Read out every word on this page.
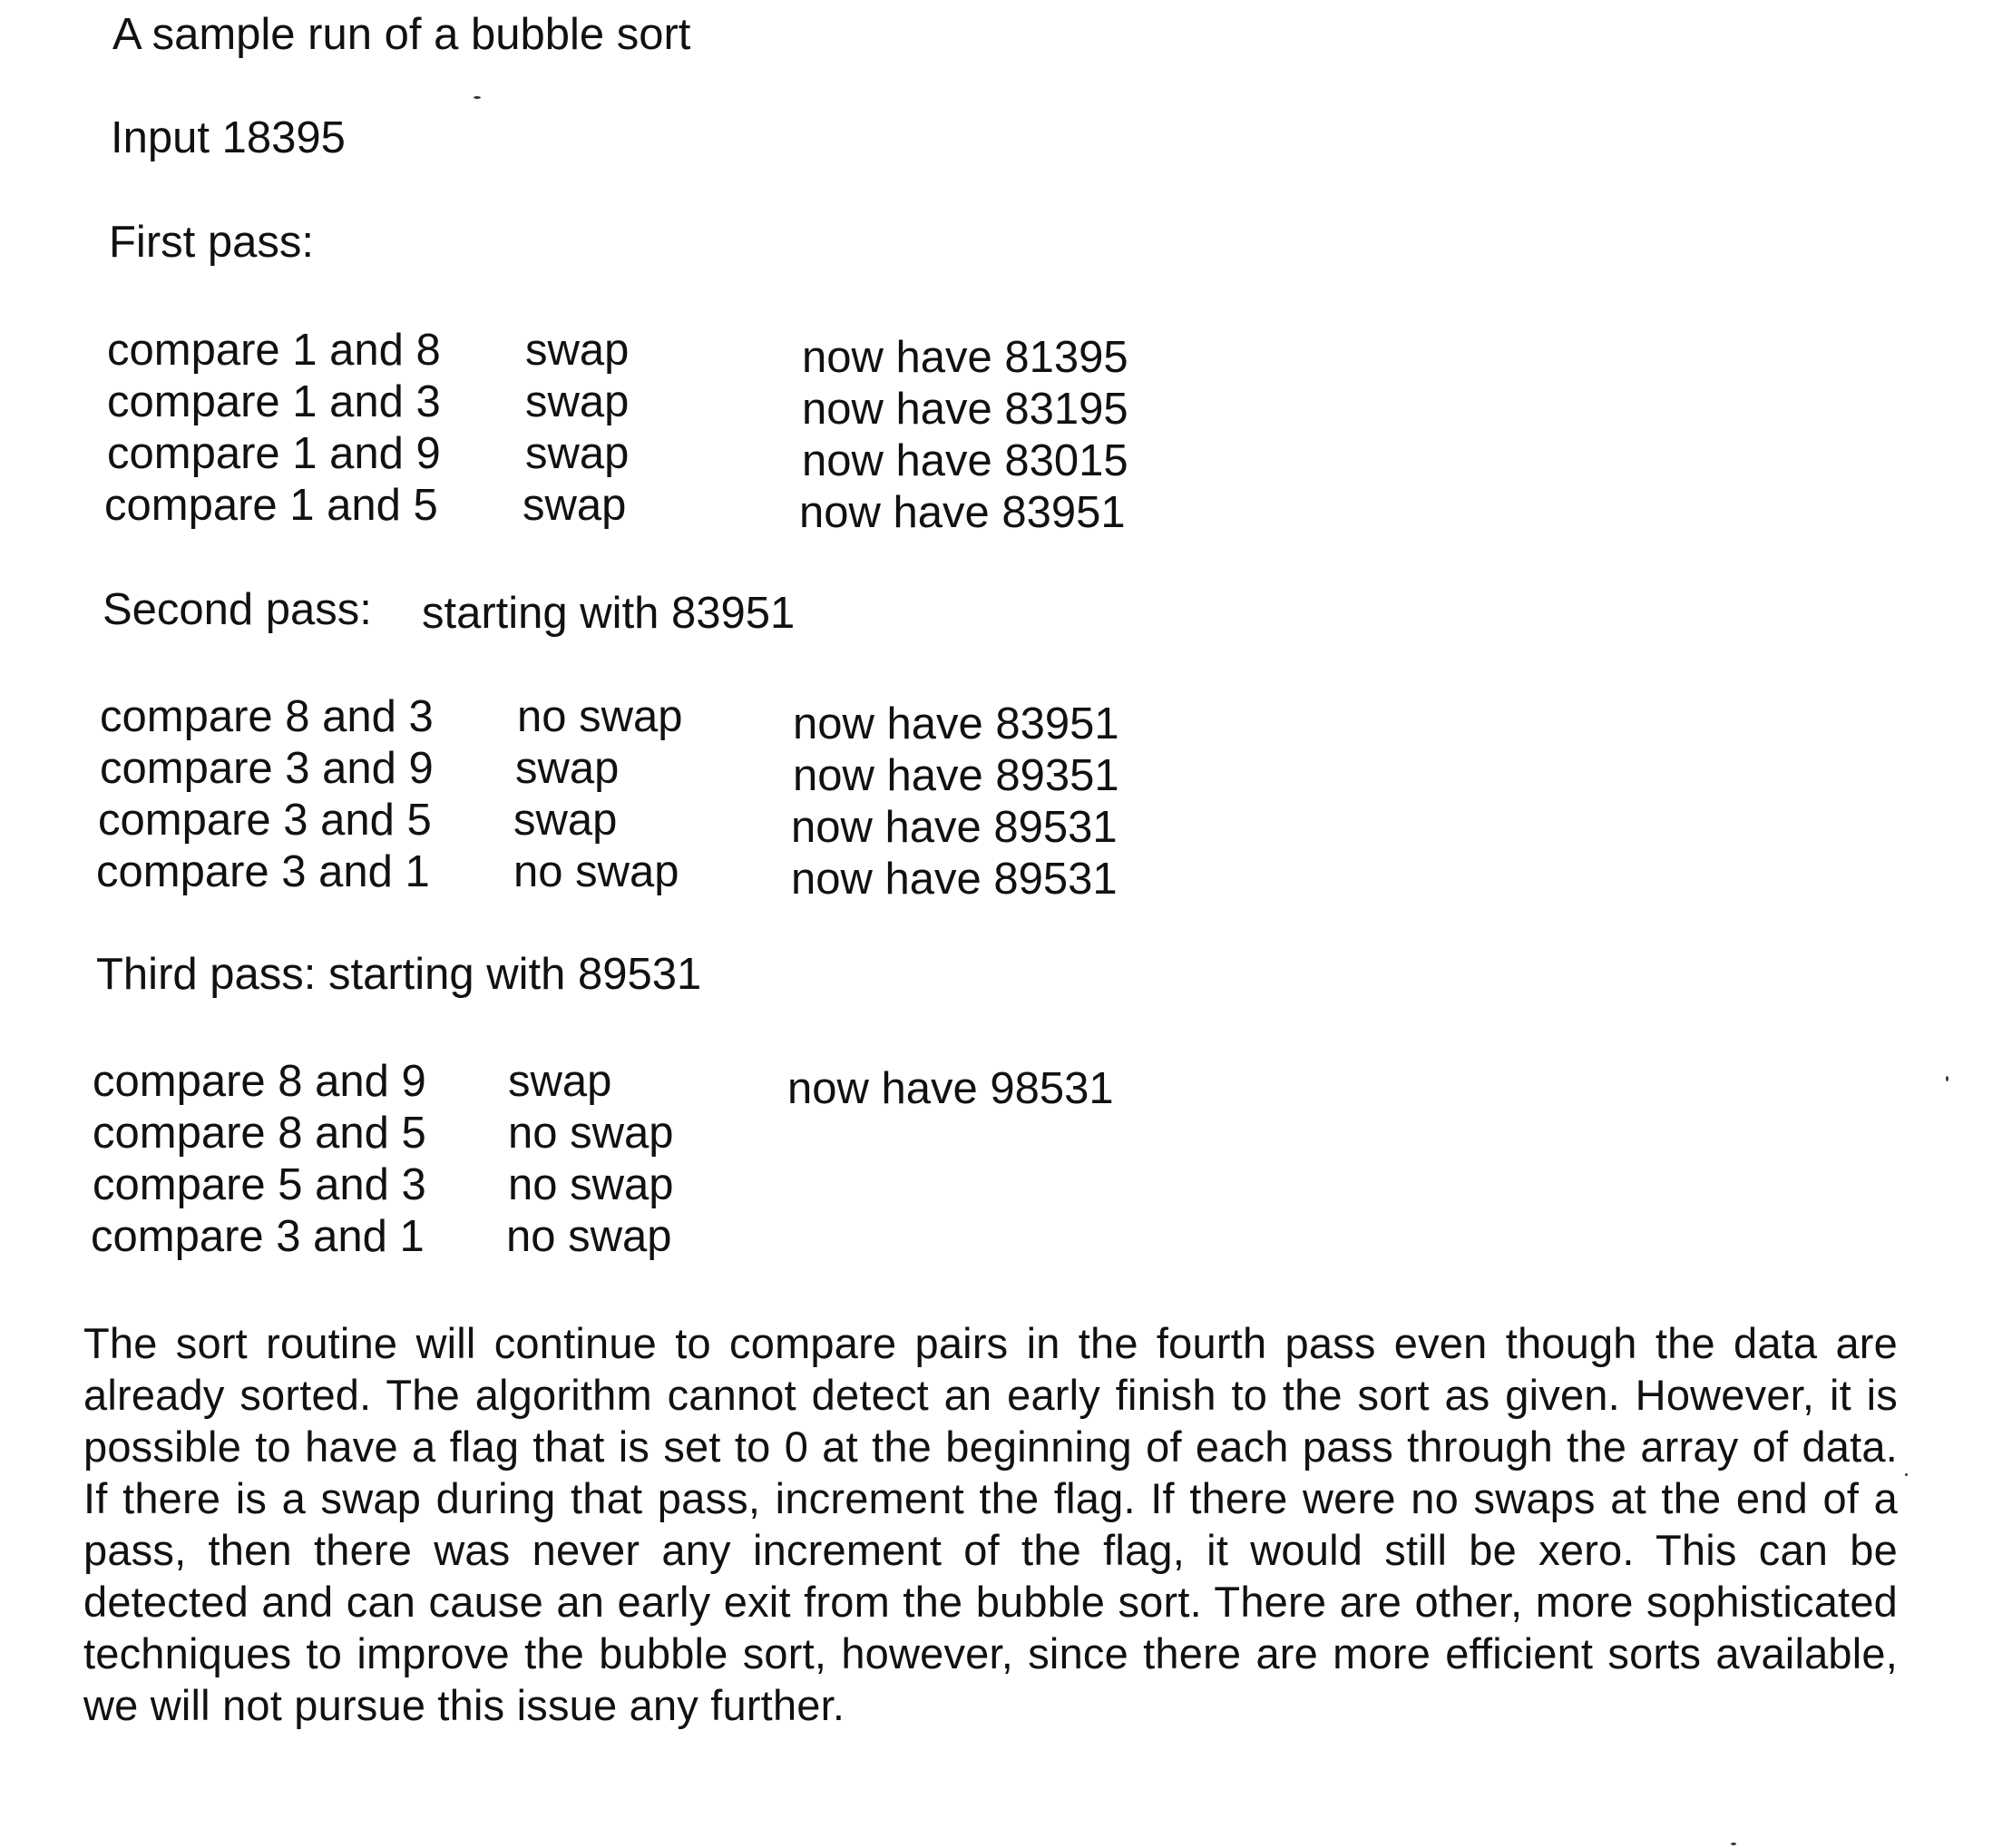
A sample run of a bubble sort
Input 18395
First pass:
compare 1 and 8 swap	now have 81395
compare 1 and 3 swap	now have 83195
compare 1 and 9 swap	now have 83015
compare 1 and 5 swap	now have 83951
Second pass: starting with 83951
compare 8 and 3 no swap now have 83951
compare 3 and 9 swap	now have 89351
compare 3 and 5 swap	now have 89531
compare 3 and 1 no swap	now have 89531
Third pass: starting with 89531
compare 8 and 9 swap	now have 98531
compare 8 and 5 no swap
compare 5 and 3 no swap
compare 3 and 1 no swap

The sort routine will continue to compare pairs in the fourth pass even though the data are already sorted. The algorithm cannot detect an early finish to the sort as given. However, it is possible to have a flag that is set to 0 at the beginning of each pass through the array of data. If there is a swap during that pass, increment the flag. If there were no swaps at the end of a pass, then there was never any increment of the flag, it would still be xero. This can be detected and can cause an early exit from the bubble sort. There are other, more sophisticated techniques to improve the bubble sort, however, since there are more efficient sorts available, we will not pursue this issue any further.
